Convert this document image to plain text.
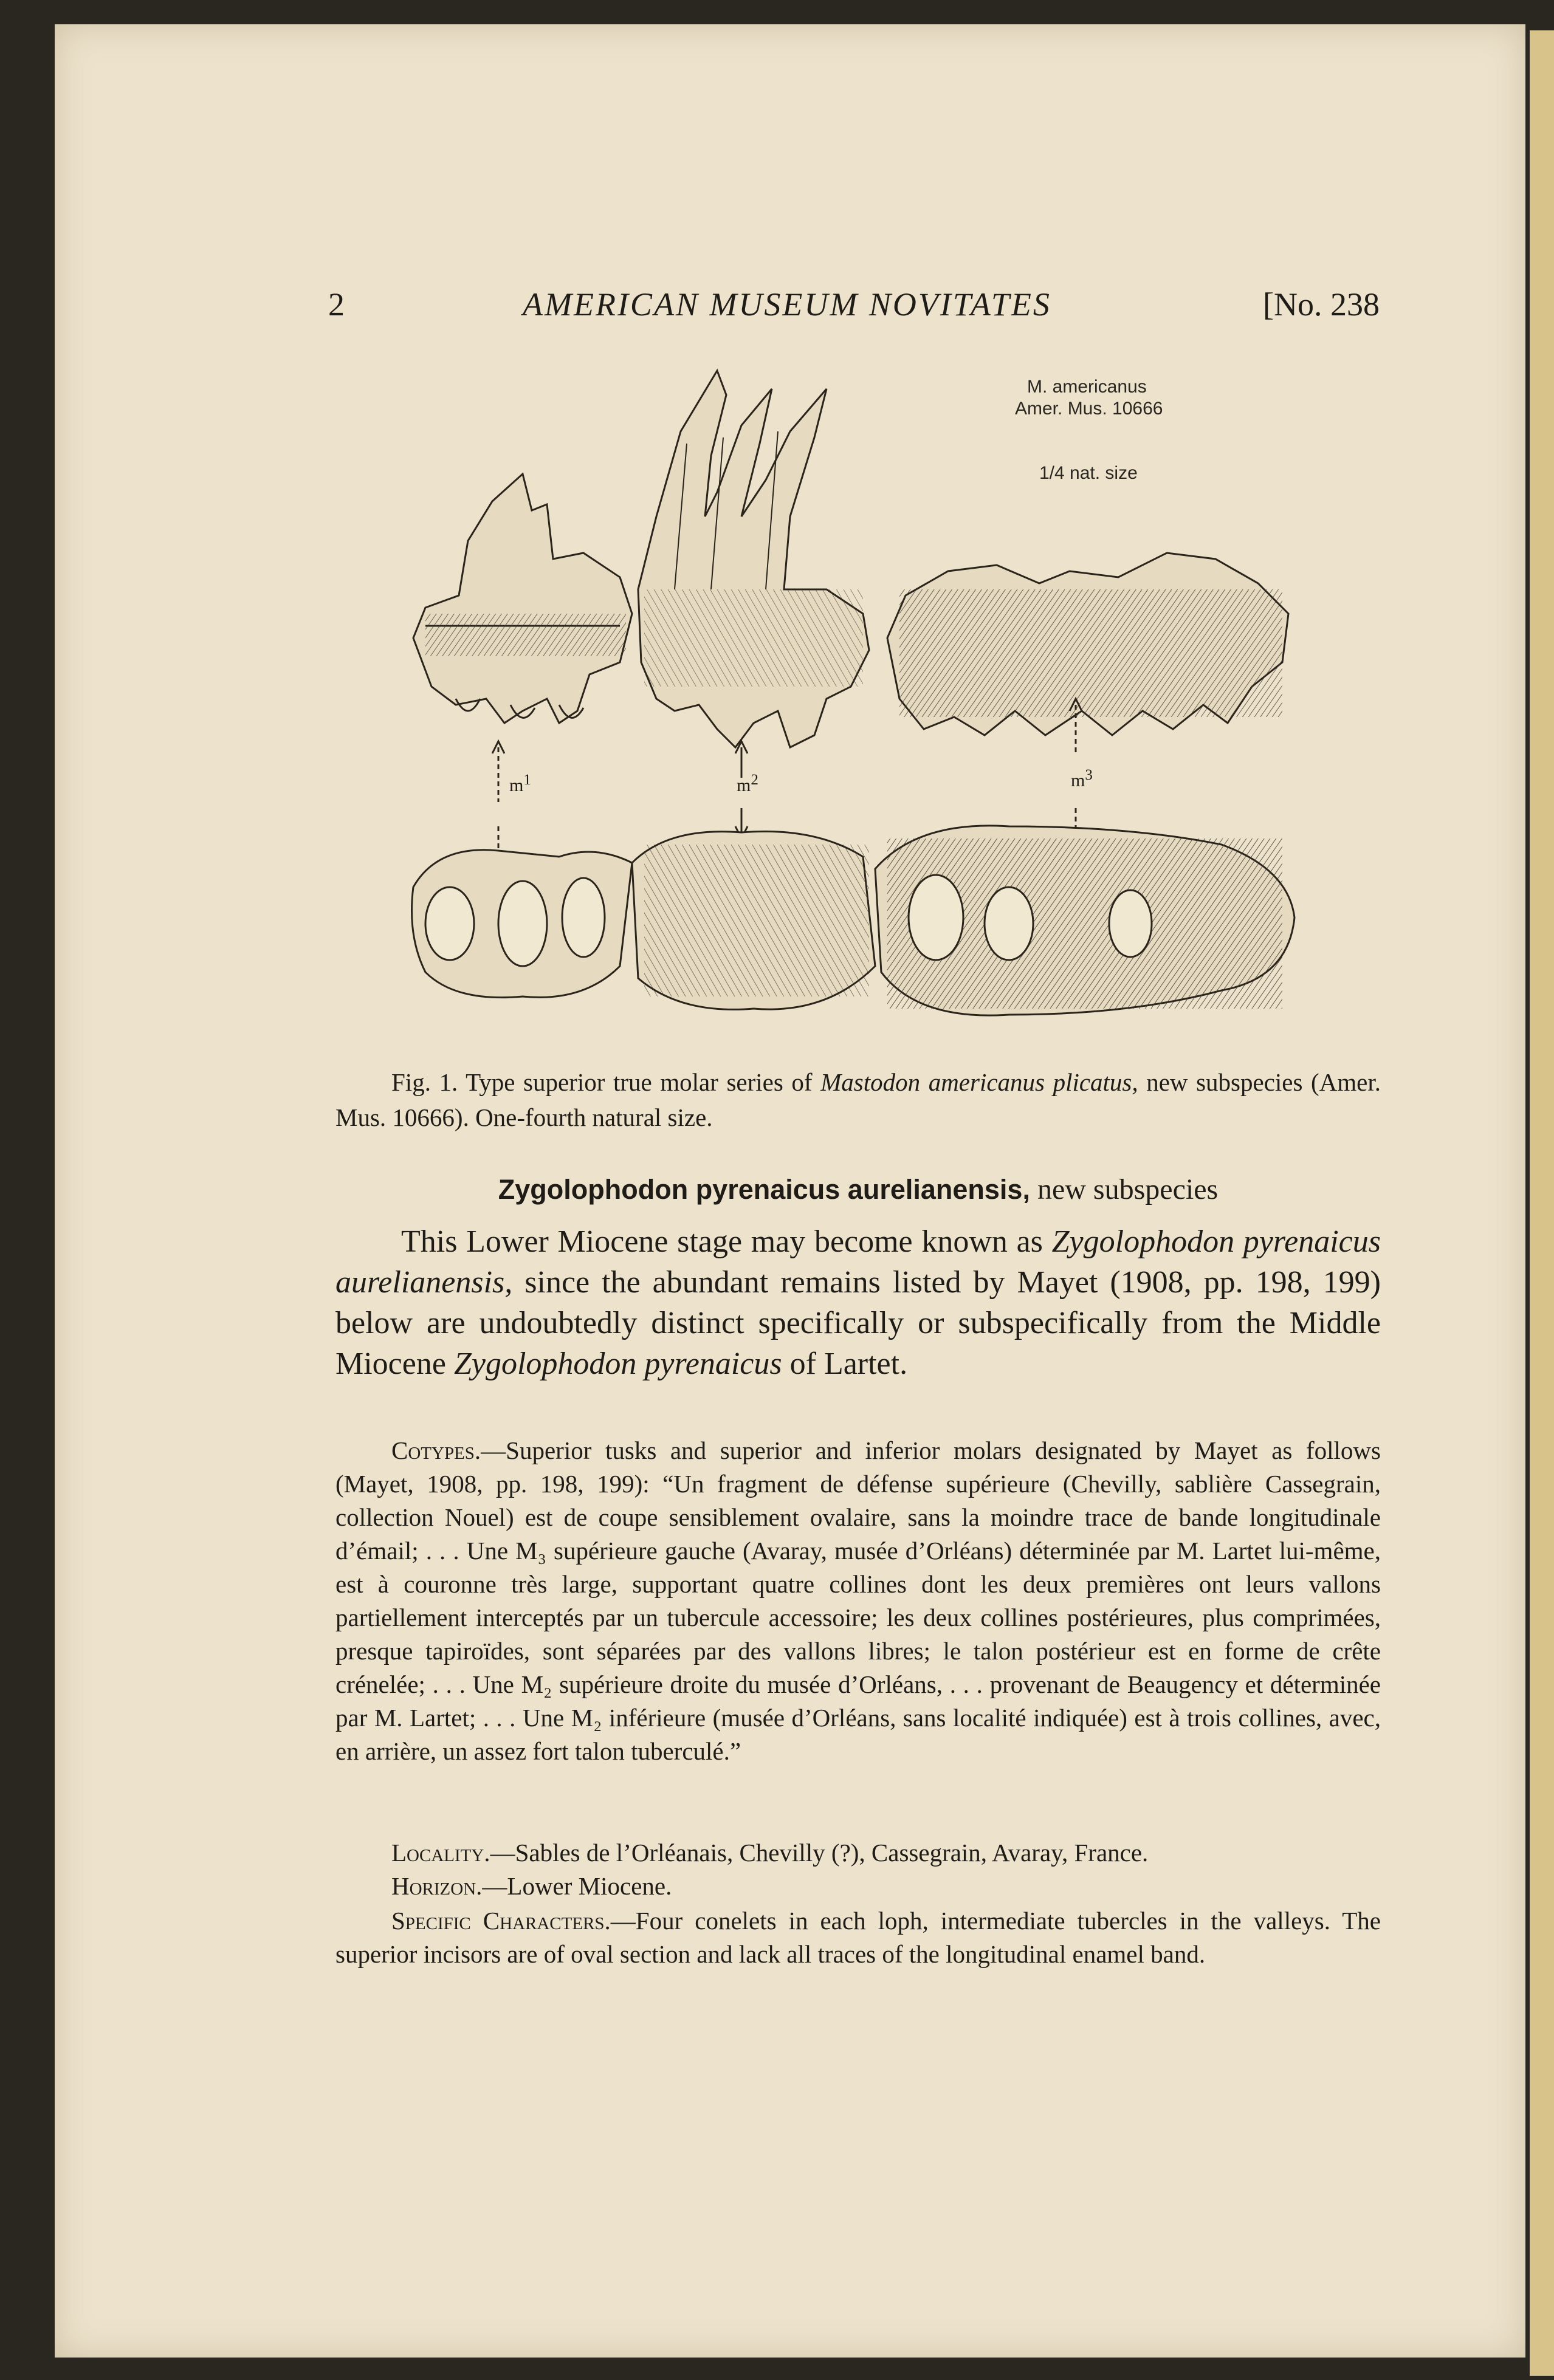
2	AMERICAN MUSEUM NOVITATES	[No. 238
M. americanus
Amer. Mus. 10666
1/4 nat. size
$m^1$	$m^2$	$m^3$
Fig. 1. Type superior true molar series of Mastodon americanus plicatus, new subspecies (Amer. Mus. 10666). One-fourth natural size.
Zygolophodon pyrenaicus aurelianensis, new subspecies

This Lower Miocene stage may become known as Zygolophodon pyrenaicus aurelianensis, since the abundant remains listed by Mayet (1908, pp. 198, 199) below are undoubtedly distinct specifically or subspecifically from the Middle Miocene Zygolophodon pyrenaicus of Lartet.

Cotypes.—Superior tusks and superior and inferior molars designated by Mayet as follows (Mayet, 1908, pp. 198, 199): “Un fragment de défense supérieure (Chevilly, sablière Cassegrain, collection Nouel) est de coupe sensiblement ovalaire, sans la moindre trace de bande longitudinale d’émail; . . . Une M₃ supérieure gauche (Avaray, musée d’Orléans) déterminée par M. Lartet lui-même, est à couronne très large, supportant quatre collines dont les deux premières ont leurs vallons partiellement interceptés par un tubercule accessoire; les deux collines postérieures, plus comprimées, presque tapiroïdes, sont séparées par des vallons libres; le talon postérieur est en forme de crête crénelée; . . . Une M₂ supérieure droite du musée d’Orléans, . . . provenant de Beaugency et déterminée par M. Lartet; . . . Une M₂ inférieure (musée d’Orléans, sans localité indiquée) est à trois collines, avec, en arrière, un assez fort talon tuberculé.”

Locality.—Sables de l’Orléanais, Chevilly (?), Cassegrain, Avaray, France.

Horizon.—Lower Miocene.

Specific Characters.—Four conelets in each loph, intermediate tubercles in the valleys. The superior incisors are of oval section and lack all traces of the longitudinal enamel band.
